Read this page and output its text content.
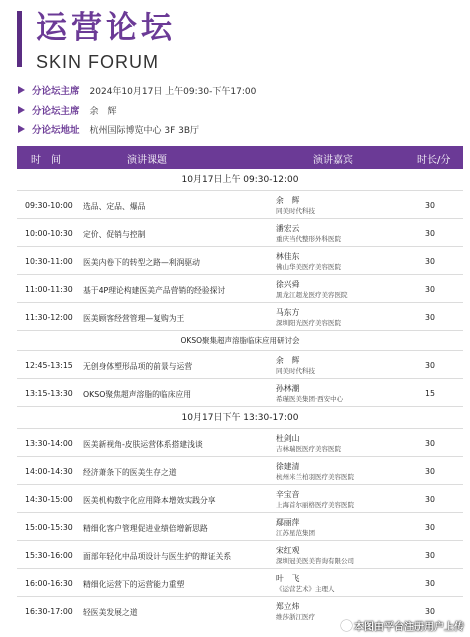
运营论坛
SKIN FORUM
分论坛主席 2024年10月17日 上午09:30-下午17:00
分论坛主席 余　辉
分论坛地址 杭州国际博览中心 3F 3B厅
时　间	演讲课题	演讲嘉宾	时长/分
10月17日上午 09:30-12:00
09:30-10:00 选品、定品、爆品
余　辉
同美时代科技
30
10:00-10:30 定价、促销与控制
潘宏云
重庆当代整形外科医院
30
10:30-11:00 医美内卷下的转型之路—利润驱动
林佳东
佛山华美医疗美容医院
30
11:00-11:30 基于4P理论构建医美产品营销的经验探讨
徐兴舜
黑龙江超龙医疗美容医院
30
11:30-12:00 医美顾客经营管理—复购为王
马东方
深圳阳光医疗美容医院
30
OKSO聚集超声溶脂临床应用研讨会
12:45-13:15 无创身体塑形品项的前景与运营
余　辉
同美时代科技
30
13:15-13:30 OKSO聚焦超声溶脂的临床应用
孙林潮
希瑾医美集团·西安中心
15
10月17日下午 13:30-17:00
13:30-14:00 医美新视角-皮肤运营体系搭建浅谈
杜剑山
吉林瑞医医疗美容医院
30
14:00-14:30 经济萧条下的医美生存之道
徐建清
杭州米兰柏羽医疗美容医院
30
14:30-15:00 医美机构数字化应用降本增效实践分享
辛宝音
上海首尔丽格医疗美容医院
30
15:00-15:30 精细化客户管理促进业绩倍增新思路
鄢丽萍
江苏星范集团
30
15:30-16:00 面部年轻化中品项设计与医生护的辩证关系
宋红观
深圳冠美医美咨询有限公司
30
16:00-16:30 精细化运营下的运营能力重塑
叶　飞
《运营艺术》主理人
30
16:30-17:00 轻医美发展之道
郑立炜
维莎浙江医疗
30
本图由平台注册用户上传
